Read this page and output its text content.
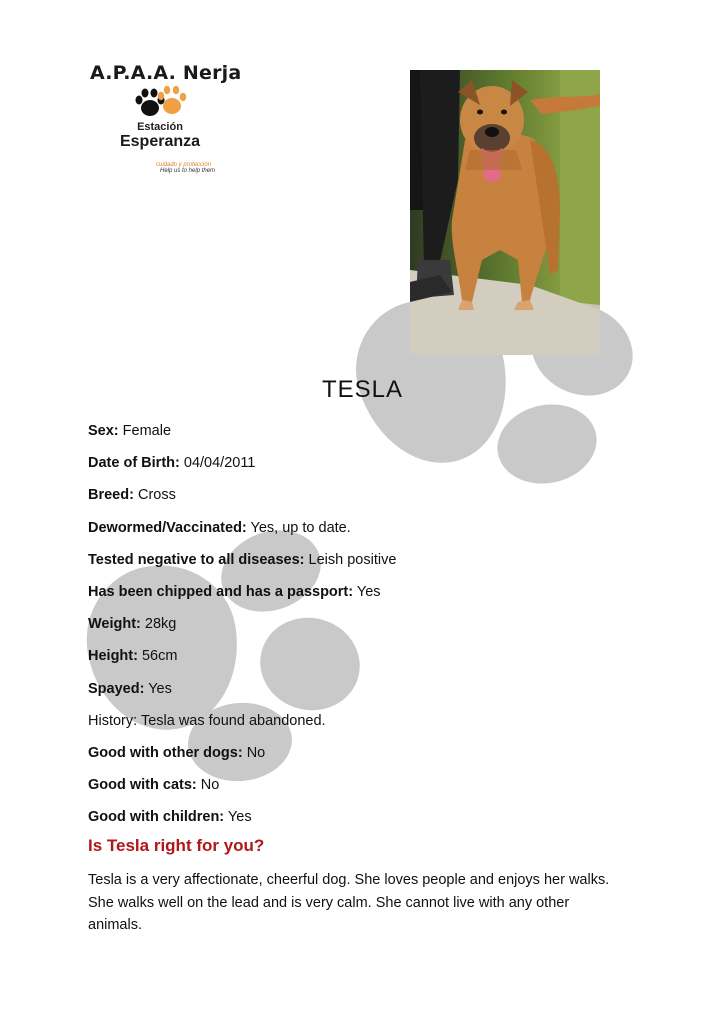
A.P.A.A. Nerja
Estación
Esperanza
cuidado y protección
Help us to help them
TESLA
Sex: Female
Date of Birth: 04/04/2011
Breed: Cross
Dewormed/Vaccinated: Yes, up to date.
Tested negative to all diseases: Leish positive
Has been chipped and has a passport: Yes
Weight: 28kg
Height: 56cm
Spayed: Yes
History: Tesla was found abandoned.
Good with other dogs: No
Good with cats: No
Good with children: Yes
Is Tesla right for you?
Tesla is a very affectionate, cheerful dog. She loves people and enjoys her walks. She walks well on the lead and is very calm. She cannot live with any other animals.
